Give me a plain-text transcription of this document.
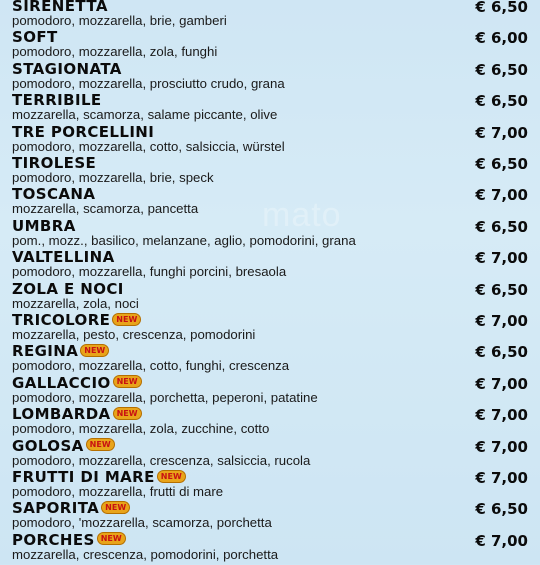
SIRENETTA
pomodoro, mozzarella, brie, gamberi
€ 6,50
SOFT
pomodoro, mozzarella, zola, funghi
€ 6,00
STAGIONATA
pomodoro, mozzarella, prosciutto crudo, grana
€ 6,50
TERRIBILE
mozzarella, scamorza, salame piccante, olive
€ 6,50
TRE PORCELLINI
pomodoro, mozzarella, cotto, salsiccia, würstel
€ 7,00
TIROLESE
pomodoro, mozzarella, brie, speck
€ 6,50
TOSCANA
mozzarella, scamorza, pancetta
€ 7,00
UMBRA
pom., mozz., basilico, melanzane, aglio, pomodorini, grana
€ 6,50
VALTELLINA
pomodoro, mozzarella, funghi porcini, bresaola
€ 7,00
ZOLA E NOCI
mozzarella, zola, noci
€ 6,50
TRICOLORE NEW
mozzarella, pesto, crescenza, pomodorini
€ 7,00
REGINA NEW
pomodoro, mozzarella, cotto, funghi, crescenza
€ 6,50
GALLACCIO NEW
pomodoro, mozzarella, porchetta, peperoni, patatine
€ 7,00
LOMBARDA NEW
pomodoro, mozzarella, zola, zucchine, cotto
€ 7,00
GOLOSA NEW
pomodoro, mozzarella, crescenza, salsiccia, rucola
€ 7,00
FRUTTI DI MARE NEW
pomodoro, mozzarella, frutti di mare
€ 7,00
SAPORITA NEW
pomodoro, 'mozzarella, scamorza, porchetta
€ 6,50
PORCHES NEW
mozzarella, crescenza, pomodorini, porchetta
€ 7,00
mato
